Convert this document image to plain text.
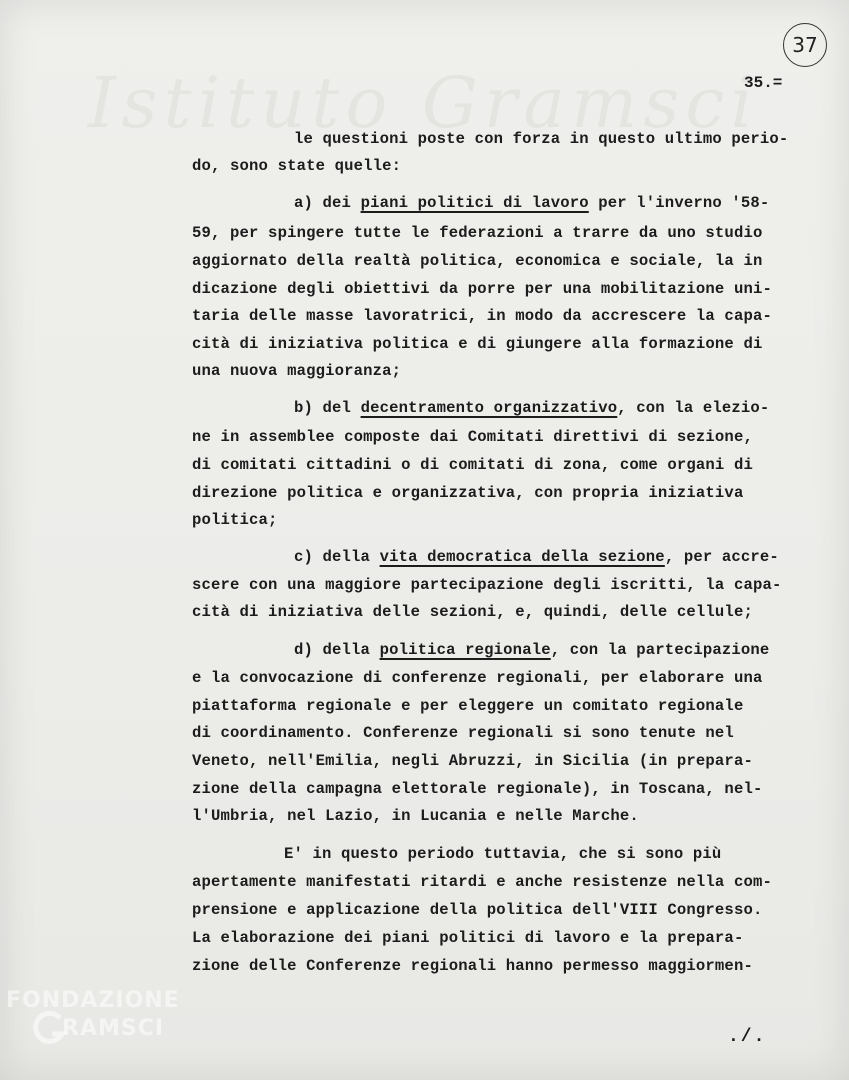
37
35.=
le questioni poste con forza in questo ultimo perio-
do, sono state quelle:
a) dei piani politici di lavoro per l'inverno '58-
59, per spingere tutte le federazioni a trarre da uno studio
aggiornato della realtà politica, economica e sociale, la in
dicazione degli obiettivi da porre per una mobilitazione uni-
taria delle masse lavoratrici, in modo da accrescere la capa-
cità di iniziativa politica e di giungere alla formazione di
una nuova maggioranza;
b) del decentramento organizzativo, con la elezio-
ne in assemblee composte dai Comitati direttivi di sezione,
di comitati cittadini o di comitati di zona, come organi di
direzione politica e organizzativa, con propria iniziativa
politica;
c) della vita democratica della sezione, per accre-
scere con una maggiore partecipazione degli iscritti, la capa-
cità di iniziativa delle sezioni, e, quindi, delle cellule;
d) della politica regionale, con la partecipazione
e la convocazione di conferenze regionali, per elaborare una
piattaforma regionale e per eleggere un comitato regionale
di coordinamento. Conferenze regionali si sono tenute nel
Veneto, nell'Emilia, negli Abruzzi, in Sicilia (in prepara-
zione della campagna elettorale regionale), in Toscana, nel-
l'Umbria, nel Lazio, in Lucania e nelle Marche.
E' in questo periodo tuttavia, che si sono più
apertamente manifestati ritardi e anche resistenze nella com-
prensione e applicazione della politica dell'VIII Congresso.
La elaborazione dei piani politici di lavoro e la prepara-
zione delle Conferenze regionali hanno permesso maggiormen-
./.
FONDAZIONE
RAMSCI
